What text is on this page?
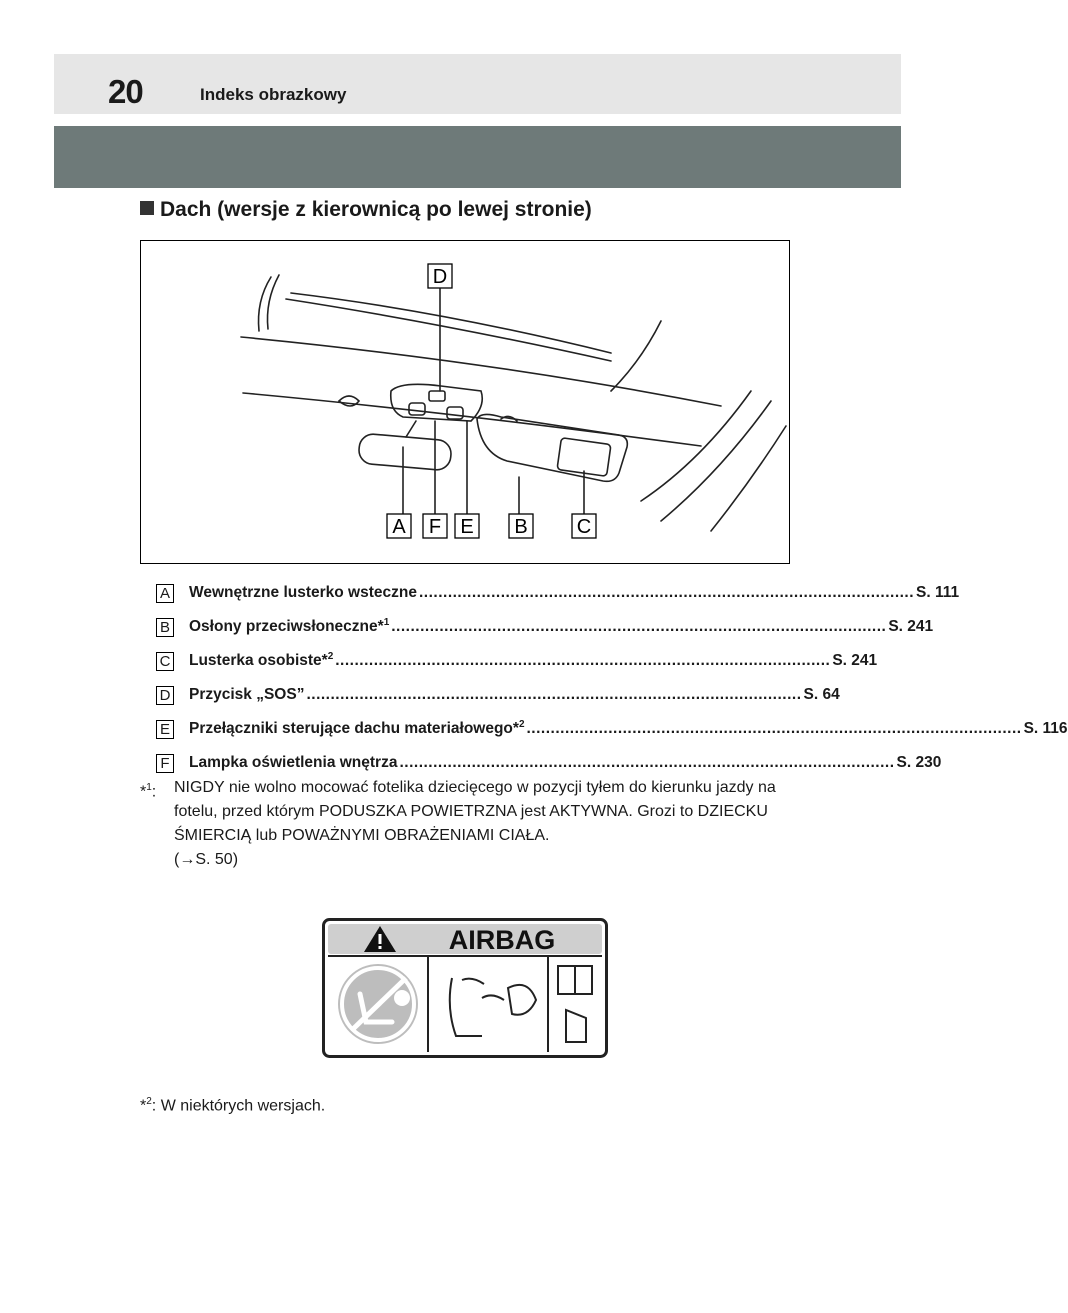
20	Indeks obrazkowy
Dach (wersje z kierownicą po lewej stronie)
D
A F E B C
A Wewnętrzne lusterko wsteczne ....................................................................................................... S. 111
B Osłony przeciwsłoneczne*$^1$ ....................................................................................................... S. 241
C Lusterka osobiste*$^2$ ....................................................................................................... S. 241
D Przycisk „SOS” ....................................................................................................... S. 64
E Przełączniki sterujące dachu materiałowego*$^2$ ....................................................................................................... S. 116
F Lampka oświetlenia wnętrza ....................................................................................................... S. 230
*$^1$: NIGDY nie wolno mocować fotelika dziecięcego w pozycji tyłem do kierunku jazdy na fotelu, przed którym PODUSZKA POWIETRZNA jest AKTYWNA. Grozi to DZIECKU ŚMIERCIĄ lub POWAŻNYMI OBRAŻENIAMI CIAŁA.
(→S. 50)
AIRBAG
*$^2$: W niektórych wersjach.
